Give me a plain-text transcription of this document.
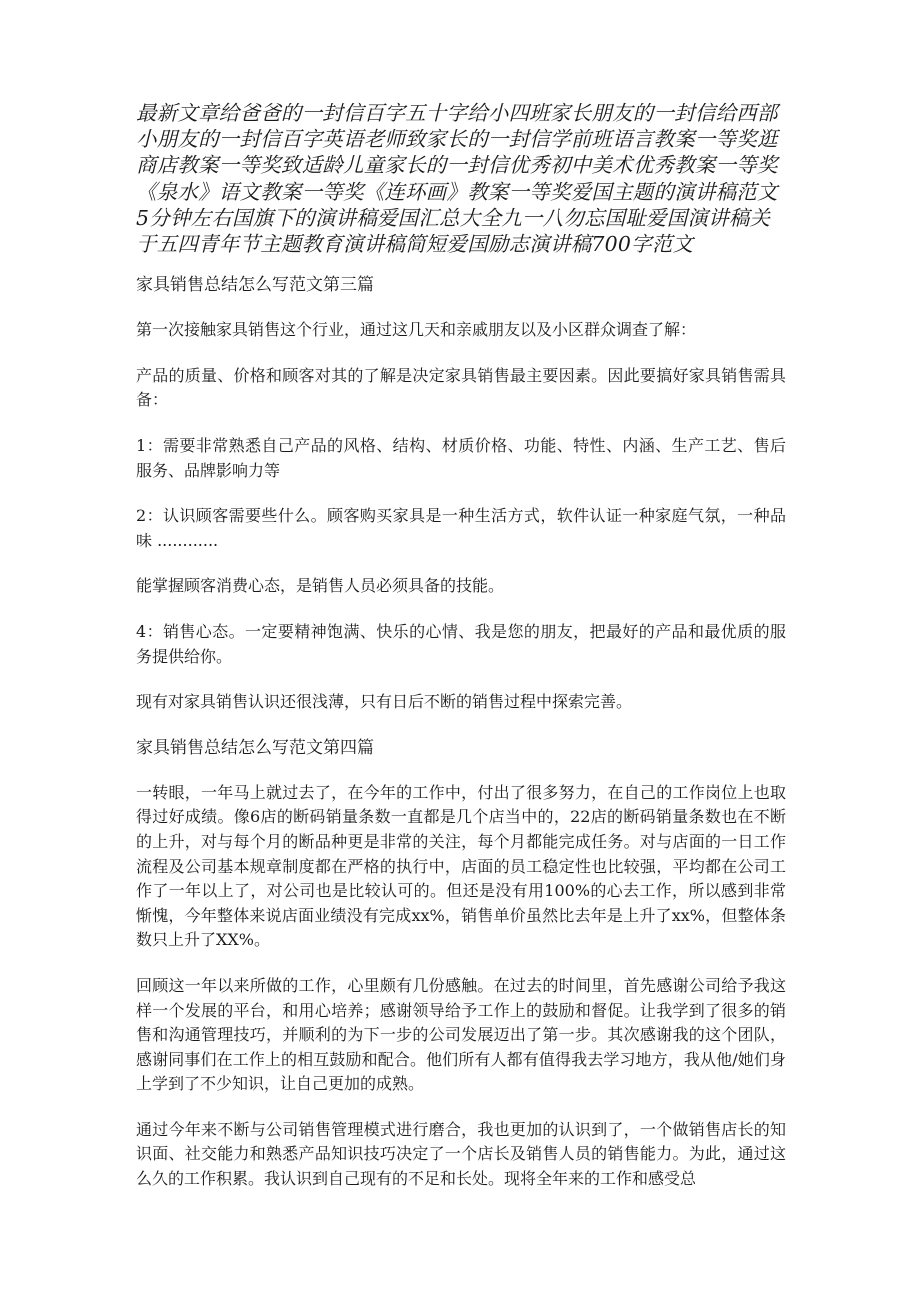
最新文章给爸爸的一封信百字五十字给小四班家长朋友的一封信给西部小朋友的一封信百字英语老师致家长的一封信学前班语言教案一等奖逛商店教案一等奖致适龄儿童家长的一封信优秀初中美术优秀教案一等奖《泉水》语文教案一等奖《连环画》教案一等奖爱国主题的演讲稿范文5分钟左右国旗下的演讲稿爱国汇总大全九一八勿忘国耻爱国演讲稿关于五四青年节主题教育演讲稿简短爱国励志演讲稿700字范文

家具销售总结怎么写范文第三篇

第一次接触家具销售这个行业，通过这几天和亲戚朋友以及小区群众调查了解：

产品的质量、价格和顾客对其的了解是决定家具销售最主要因素。因此要搞好家具销售需具备：

1：需要非常熟悉自己产品的风格、结构、材质价格、功能、特性、内涵、生产工艺、售后服务、品牌影响力等

2：认识顾客需要些什么。顾客购买家具是一种生活方式，软件认证一种家庭气氛，一种品味 ............

能掌握顾客消费心态，是销售人员必须具备的技能。

4：销售心态。一定要精神饱满、快乐的心情、我是您的朋友，把最好的产品和最优质的服务提供给你。

现有对家具销售认识还很浅薄，只有日后不断的销售过程中探索完善。

家具销售总结怎么写范文第四篇

一转眼，一年马上就过去了，在今年的工作中，付出了很多努力，在自己的工作岗位上也取得过好成绩。像6店的断码销量条数一直都是几个店当中的，22店的断码销量条数也在不断的上升，对与每个月的断品种更是非常的关注，每个月都能完成任务。对与店面的一日工作流程及公司基本规章制度都在严格的执行中，店面的员工稳定性也比较强，平均都在公司工作了一年以上了，对公司也是比较认可的。但还是没有用100%的心去工作，所以感到非常惭愧，今年整体来说店面业绩没有完成xx%，销售单价虽然比去年是上升了xx%，但整体条数只上升了XX%。

回顾这一年以来所做的工作，心里颇有几份感触。在过去的时间里，首先感谢公司给予我这样一个发展的平台，和用心培养；感谢领导给予工作上的鼓励和督促。让我学到了很多的销售和沟通管理技巧，并顺利的为下一步的公司发展迈出了第一步。其次感谢我的这个团队，感谢同事们在工作上的相互鼓励和配合。他们所有人都有值得我去学习地方，我从他/她们身上学到了不少知识，让自己更加的成熟。

通过今年来不断与公司销售管理模式进行磨合，我也更加的认识到了，一个做销售店长的知识面、社交能力和熟悉产品知识技巧决定了一个店长及销售人员的销售能力。为此，通过这么久的工作积累。我认识到自己现有的不足和长处。现将全年来的工作和感受总
